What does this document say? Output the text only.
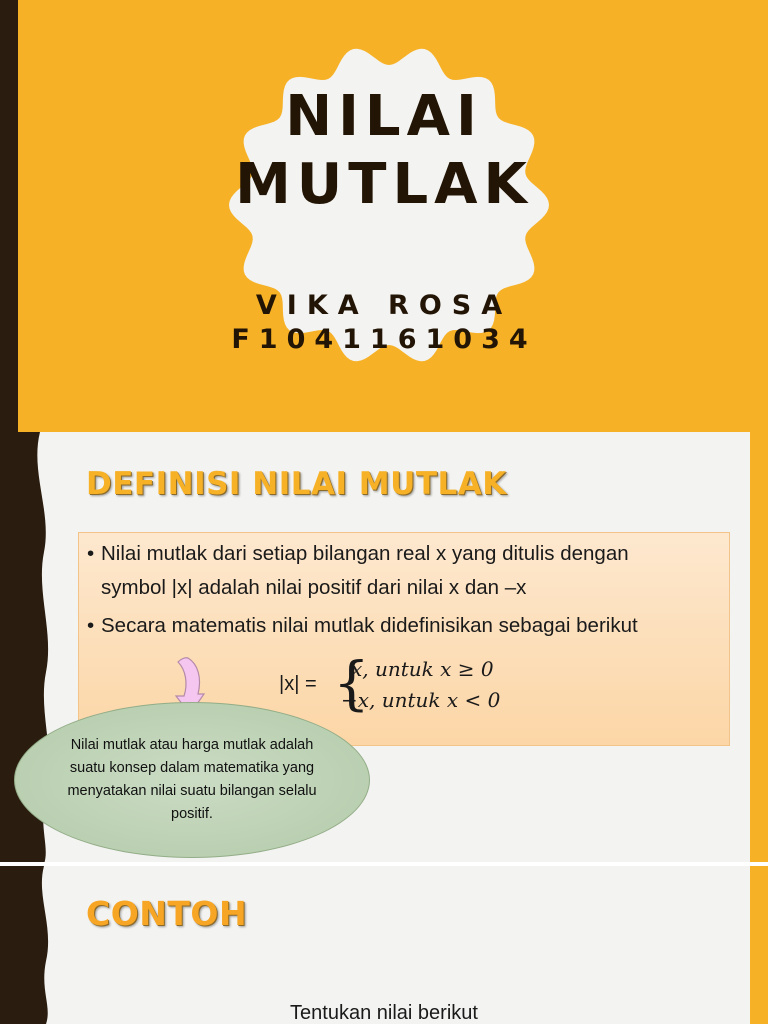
NILAI
MUTLAK
VIKA ROSA
F1041161034
DEFINISI NILAI MUTLAK
• Nilai mutlak dari setiap bilangan real x yang ditulis dengan
symbol |x| adalah nilai positif dari nilai x dan –x
• Secara matematis nilai mutlak didefinisikan sebagai berikut
|x| = {
x, untuk x ≥ 0
−x, untuk x < 0
Nilai mutlak atau harga mutlak adalah suatu konsep dalam matematika yang menyatakan nilai suatu bilangan selalu positif.
CONTOH
Tentukan nilai berikut
